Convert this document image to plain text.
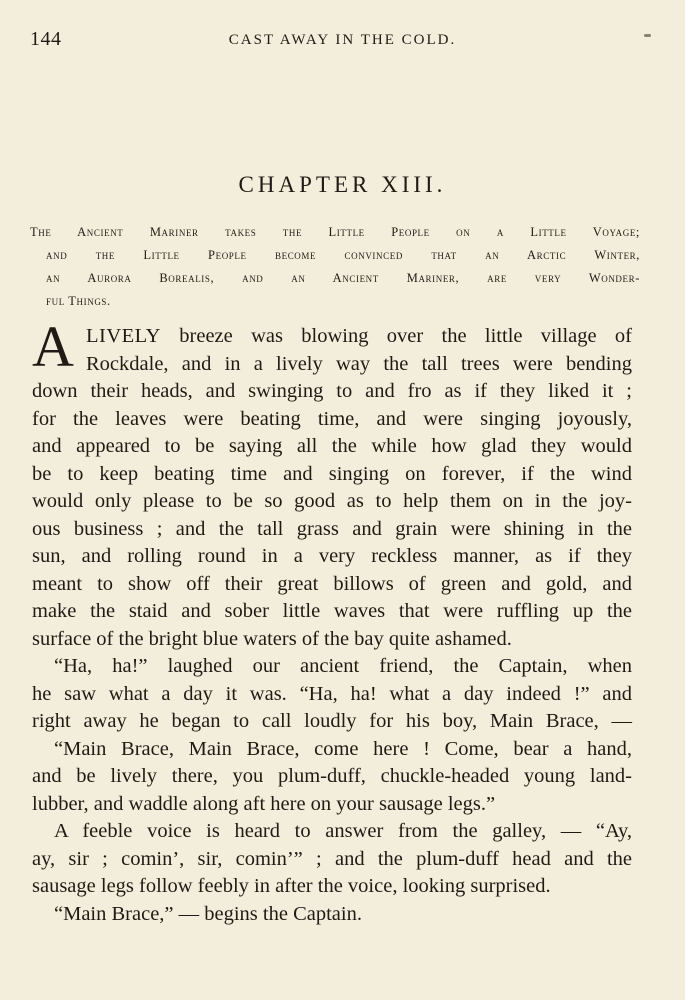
144	CAST AWAY IN THE COLD.
CHAPTER XIII.
The Ancient Mariner takes the Little People on a Little Voyage;
and the Little People become convinced that an Arctic Winter,
an Aurora Borealis, and an Ancient Mariner, are very Wonder-
ful Things.
A LIVELY breeze was blowing over the little village of
Rockdale, and in a lively way the tall trees were bending
down their heads, and swinging to and fro as if they liked it ;
for the leaves were beating time, and were singing joyously,
and appeared to be saying all the while how glad they would
be to keep beating time and singing on forever, if the wind
would only please to be so good as to help them on in the joy-
ous business ; and the tall grass and grain were shining in the
sun, and rolling round in a very reckless manner, as if they
meant to show off their great billows of green and gold, and
make the staid and sober little waves that were ruffling up the
surface of the bright blue waters of the bay quite ashamed.
“Ha, ha!” laughed our ancient friend, the Captain, when
he saw what a day it was. “Ha, ha! what a day indeed !” and
right away he began to call loudly for his boy, Main Brace, —
“Main Brace, Main Brace, come here ! Come, bear a hand,
and be lively there, you plum-duff, chuckle-headed young land-
lubber, and waddle along aft here on your sausage legs.”
A feeble voice is heard to answer from the galley, — “Ay,
ay, sir ; comin’, sir, comin’” ; and the plum-duff head and the
sausage legs follow feebly in after the voice, looking surprised.
“Main Brace,” — begins the Captain.
